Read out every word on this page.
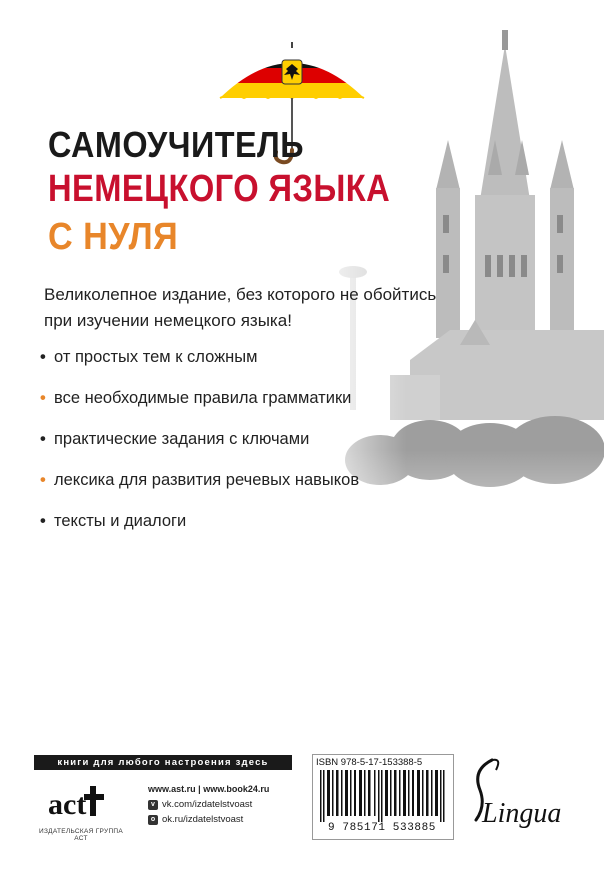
САМОУЧИТЕЛЬ
НЕМЕЦКОГО ЯЗЫКА
С НУЛЯ

Великолепное издание, без которого не обойтись при изучении немецкого языка!

• от простых тем к сложным
• все необходимые правила грамматики
• практические задания с ключами
• лексика для развития речевых навыков
• тексты и диалоги
книги для любого настроения здесь
act
ИЗДАТЕЛЬСКАЯ ГРУППА АСТ
www.ast.ru | www.book24.ru
v vk.com/izdatelstvoast
o ok.ru/izdatelstvoast
ISBN 978-5-17-153388-5
9 785171 533885	Lingua
